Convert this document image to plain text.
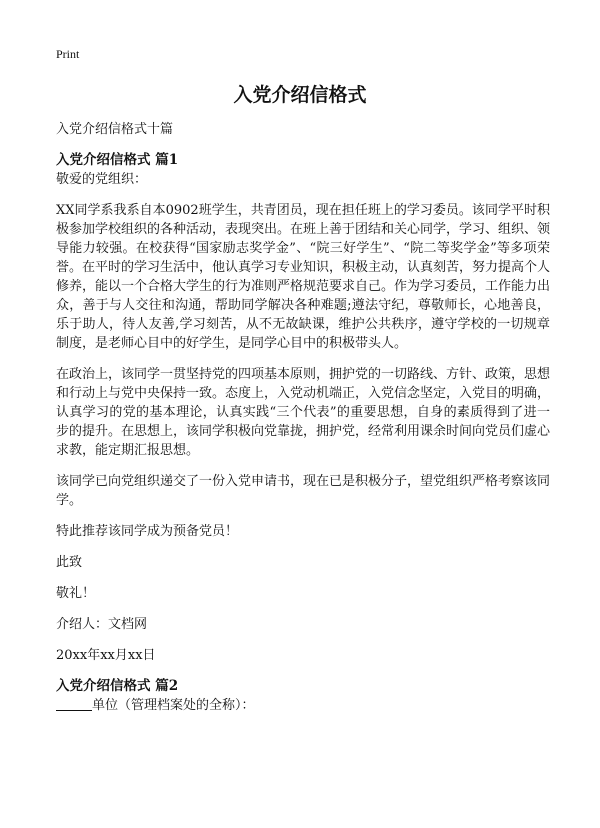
Print
入党介绍信格式

入党介绍信格式十篇

入党介绍信格式 篇1

敬爱的党组织：

XX同学系我系自本0902班学生，共青团员，现在担任班上的学习委员。该同学平时积极参加学校组织的各种活动，表现突出。在班上善于团结和关心同学，学习、组织、领导能力较强。在校获得“国家励志奖学金”、“院三好学生”、“院二等奖学金”等多项荣誉。在平时的学习生活中，他认真学习专业知识，积极主动，认真刻苦，努力提高个人修养，能以一个合格大学生的行为准则严格规范要求自己。作为学习委员，工作能力出众，善于与人交往和沟通，帮助同学解决各种难题;遵法守纪，尊敬师长，心地善良，乐于助人，待人友善,学习刻苦，从不无故缺课，维护公共秩序，遵守学校的一切规章制度，是老师心目中的好学生，是同学心目中的积极带头人。

在政治上，该同学一贯坚持党的四项基本原则，拥护党的一切路线、方针、政策，思想和行动上与党中央保持一致。态度上，入党动机端正，入党信念坚定，入党目的明确，认真学习的党的基本理论，认真实践“三个代表”的重要思想，自身的素质得到了进一步的提升。在思想上，该同学积极向党靠拢，拥护党，经常利用课余时间向党员们虚心求教，能定期汇报思想。

该同学已向党组织递交了一份入党申请书，现在已是积极分子，望党组织严格考察该同学。

特此推荐该同学成为预备党员！

此致

敬礼！

介绍人：文档网

20xx年xx月xx日

入党介绍信格式 篇2

单位（管理档案处的全称）：
